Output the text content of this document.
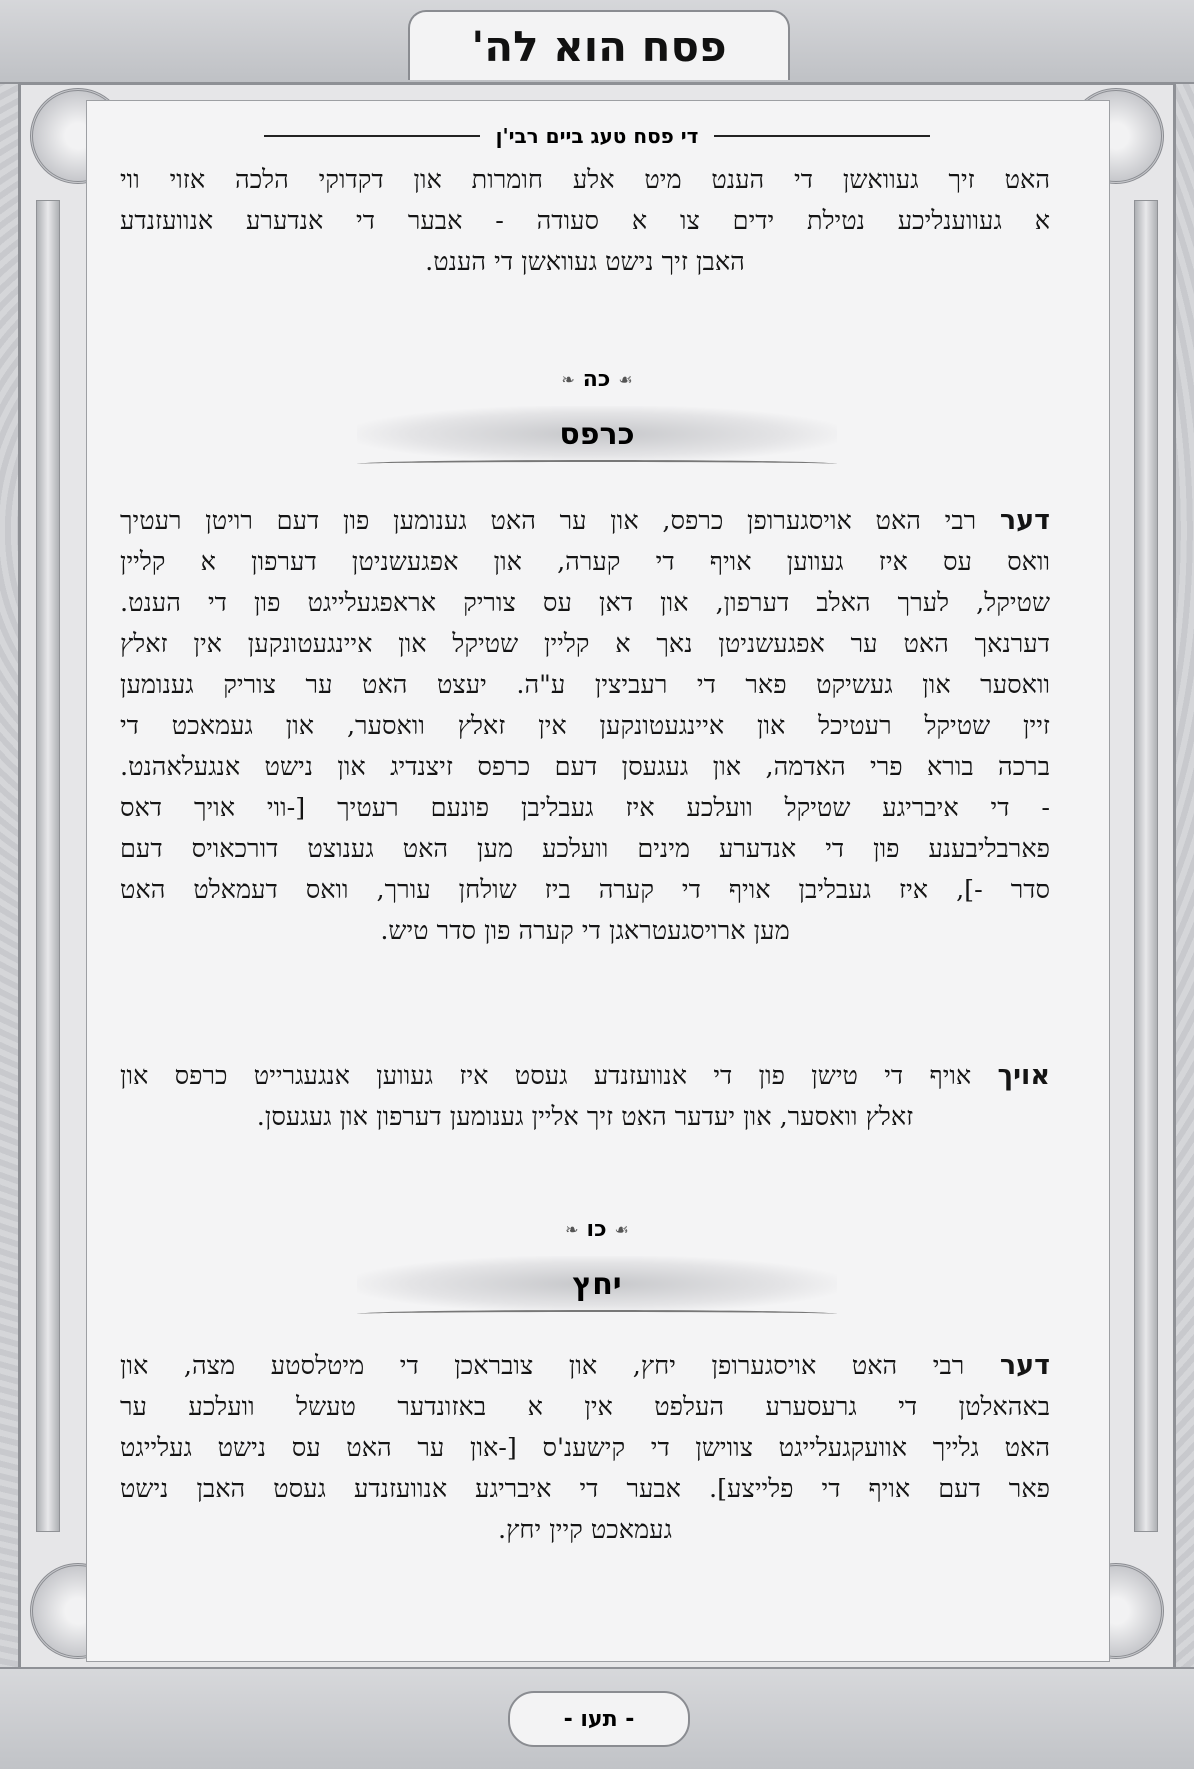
פסח הוא לה'
די פסח טעג ביים רבי'ן
האט זיך געוואשן די הענט מיט אלע חומרות און דקדוקי הלכה אזוי ווי
א געווענליכע נטילת ידים צו א סעודה - אבער די אנדערע אנוועזנדע
האבן זיך נישט געוואשן די הענט.
❧ כה ☙
כרפס
דער רבי האט אויסגערופן כרפס, און ער האט גענומען פון דעם רויטן רעטיך
וואס עס איז געווען אויף די קערה, און אפגעשניטן דערפון א קליין
שטיקל, לערך האלב דערפון, און דאן עס צוריק אראפגעלייגט פון די הענט.
דערנאך האט ער אפגעשניטן נאך א קליין שטיקל און איינגעטונקען אין זאלץ
וואסער און געשיקט פאר די רעביצין ע"ה. יעצט האט ער צוריק גענומען
זיין שטיקל רעטיכל און איינגעטונקען אין זאלץ וואסער, און געמאכט די
ברכה בורא פרי האדמה, און געגעסן דעם כרפס זיצנדיג און נישט אנגעלאהנט.
- די איבריגע שטיקל וועלכע איז געבליבן פונעם רעטיך [-ווי אויך דאס
פארבליבענע פון די אנדערע מינים וועלכע מען האט גענוצט דורכאויס דעם
סדר -], איז געבליבן אויף די קערה ביז שולחן עורך, וואס דעמאלט האט
מען ארויסגעטראגן די קערה פון סדר טיש.
אויך אויף די טישן פון די אנוועזנדע געסט איז געווען אנגעגרייט כרפס און
זאלץ וואסער, און יעדער האט זיך אליין גענומען דערפון און געגעסן.
❧ כו ☙
יחץ
דער רבי האט אויסגערופן יחץ, און צובראכן די מיטלסטע מצה, און
באהאלטן די גרעסערע העלפט אין א באזונדער טעשל וועלכע ער
האט גלייך אוועקגעלייגט צווישן די קישענ'ס [-און ער האט עס נישט געלייגט
פאר דעם אויף די פלייצע]. אבער די איבריגע אנוועזנדע געסט האבן נישט
געמאכט קיין יחץ.
- תעו -
